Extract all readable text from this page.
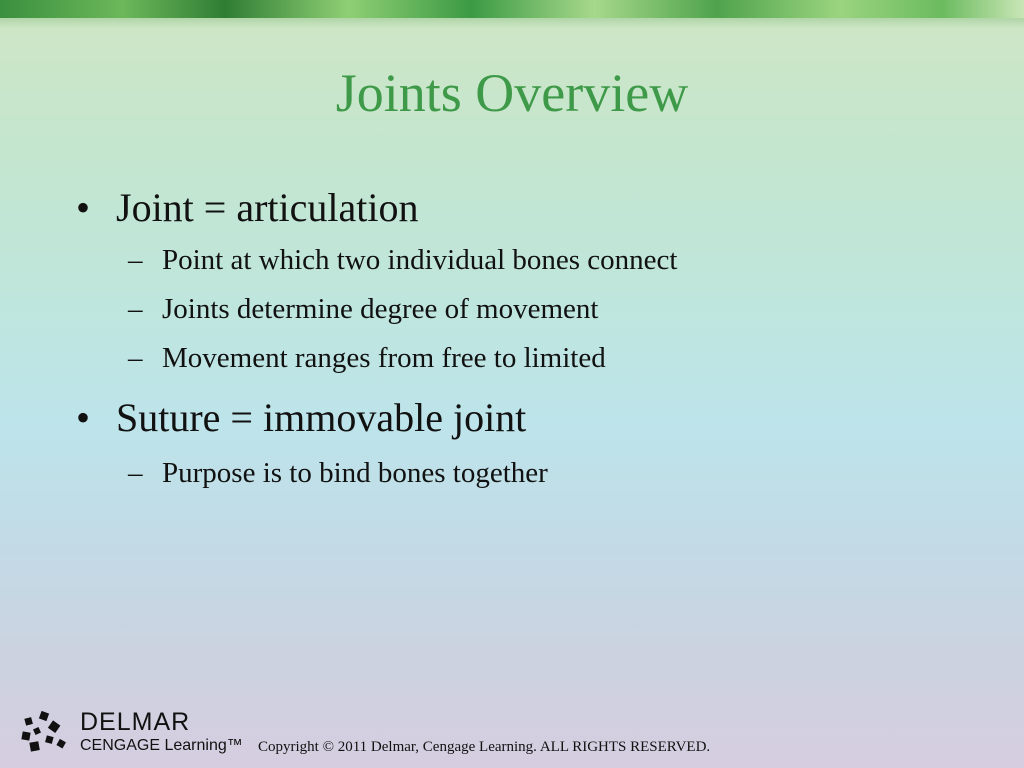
Joints Overview
• Joint = articulation
– Point at which two individual bones connect
– Joints determine degree of movement
– Movement ranges from free to limited
• Suture = immovable joint
– Purpose is to bind bones together
DELMAR
CENGAGE Learning™ Copyright © 2011 Delmar, Cengage Learning. ALL RIGHTS RESERVED.
